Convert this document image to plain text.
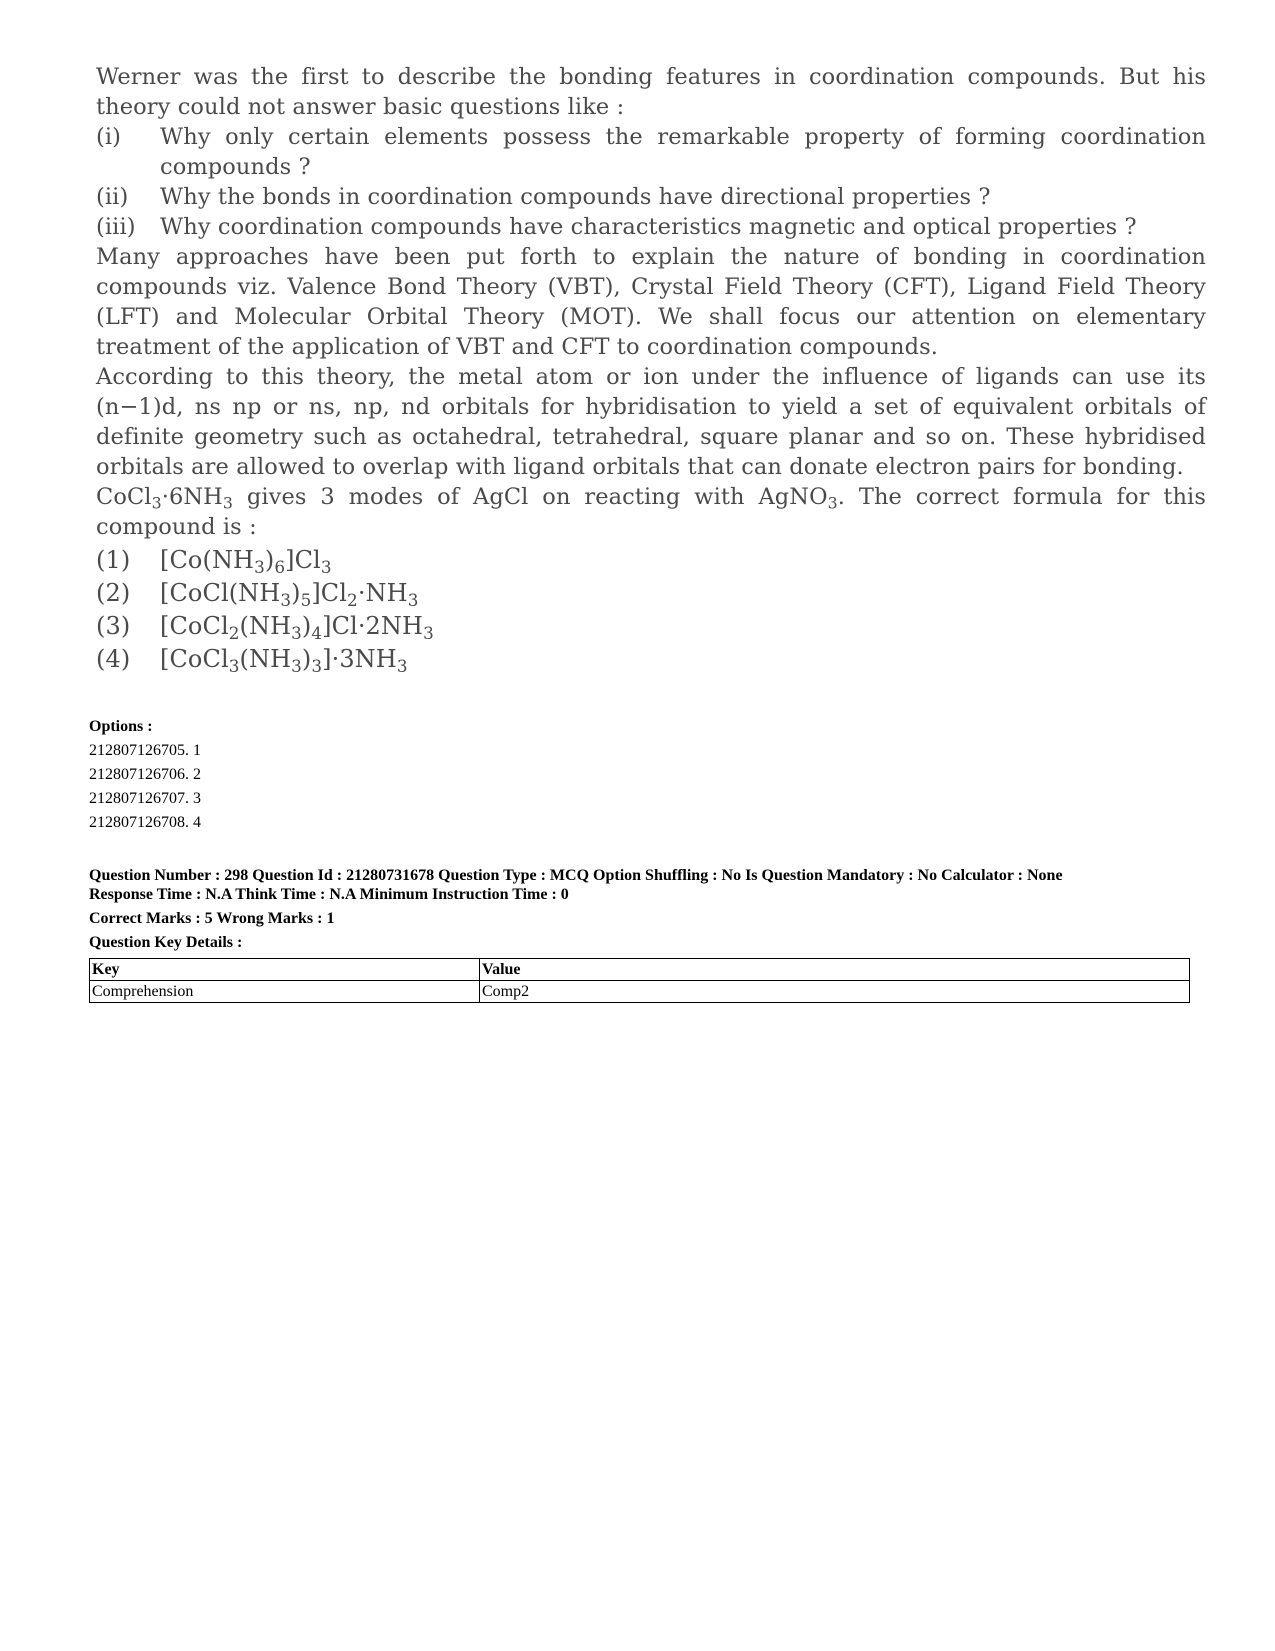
Werner was the first to describe the bonding features in coordination compounds. But his theory could not answer basic questions like :

(i)	Why only certain elements possess the remarkable property of forming coordination compounds ?
(ii)	Why the bonds in coordination compounds have directional properties ?
(iii)	Why coordination compounds have characteristics magnetic and optical properties ?

Many approaches have been put forth to explain the nature of bonding in coordination compounds viz. Valence Bond Theory (VBT), Crystal Field Theory (CFT), Ligand Field Theory (LFT) and Molecular Orbital Theory (MOT). We shall focus our attention on elementary treatment of the application of VBT and CFT to coordination compounds.

According to this theory, the metal atom or ion under the influence of ligands can use its (n−1)d, ns np or ns, np, nd orbitals for hybridisation to yield a set of equivalent orbitals of definite geometry such as octahedral, tetrahedral, square planar and so on. These hybridised orbitals are allowed to overlap with ligand orbitals that can donate electron pairs for bonding.

$CoCl_3\cdot 6NH_3$ gives 3 modes of AgCl on reacting with AgNO$_3$. The correct formula for this compound is :

(1)	$[Co(NH_3)_6]Cl_3$
(2)	$[CoCl(NH_3)_5]Cl_2\cdot NH_3$
(3)	$[CoCl_2(NH_3)_4]Cl\cdot 2NH_3$
(4)	$[CoCl_3(NH_3)_3]\cdot 3NH_3$
Options :
212807126705. 1
212807126706. 2
212807126707. 3
212807126708. 4
Question Number : 298 Question Id : 21280731678 Question Type : MCQ Option Shuffling : No Is Question Mandatory : No Calculator : None
Response Time : N.A Think Time : N.A Minimum Instruction Time : 0
Correct Marks : 5 Wrong Marks : 1
Question Key Details :
Key	Value
Comprehension	Comp2
